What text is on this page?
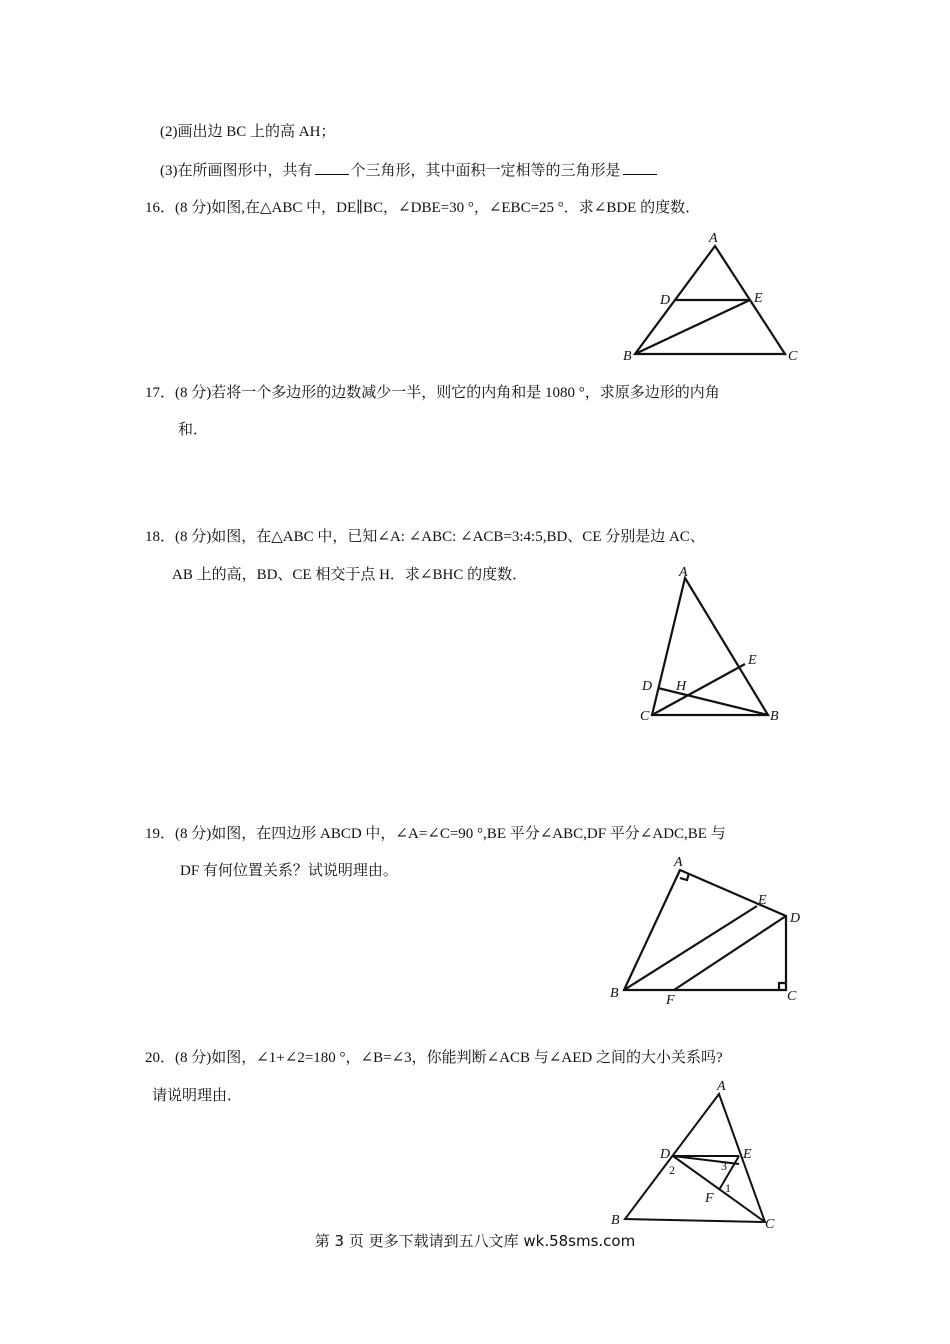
(2)画出边 BC 上的高 AH；
(3)在所画图形中，共有	个三角形，其中面积一定相等的三角形是
16．(8 分)如图,在△ABC 中，DE∥BC，∠DBE=30 °，∠EBC=25 °．求∠BDE 的度数．
A
D	E
B	C
17．(8 分)若将一个多边形的边数减少一半，则它的内角和是 1080 °，求原多边形的内角
和．
18．(8 分)如图，在△ABC 中，已知∠A: ∠ABC: ∠ACB=3:4:5,BD、CE 分别是边 AC、
AB 上的高，BD、CE 相交于点 H．求∠BHC 的度数．	A
E
D H
C	B
19．(8 分)如图，在四边形 ABCD 中，∠A=∠C=90 °,BE 平分∠ABC,DF 平分∠ADC,BE 与
DF 有何位置关系？试说明理由。
A
E
D
B	F	C
20．(8 分)如图，∠1+∠2=180 °，∠B=∠3，你能判断∠ACB 与∠AED 之间的大小关系吗?
请说明理由．
A
D	E
2	3
1
F
B	C
第 3 页 更多下载请到五八文库 wk.58sms.com
